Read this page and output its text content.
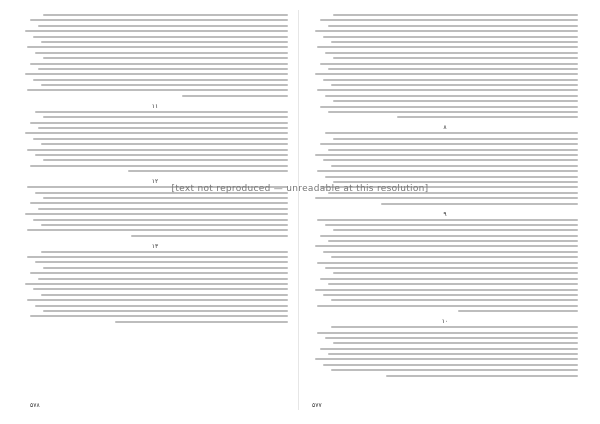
۱۱
۱۲
۱۳
۸
۹
۱۰
۵۷۸	۵۷۷
[text not reproduced — unreadable at this resolution]
